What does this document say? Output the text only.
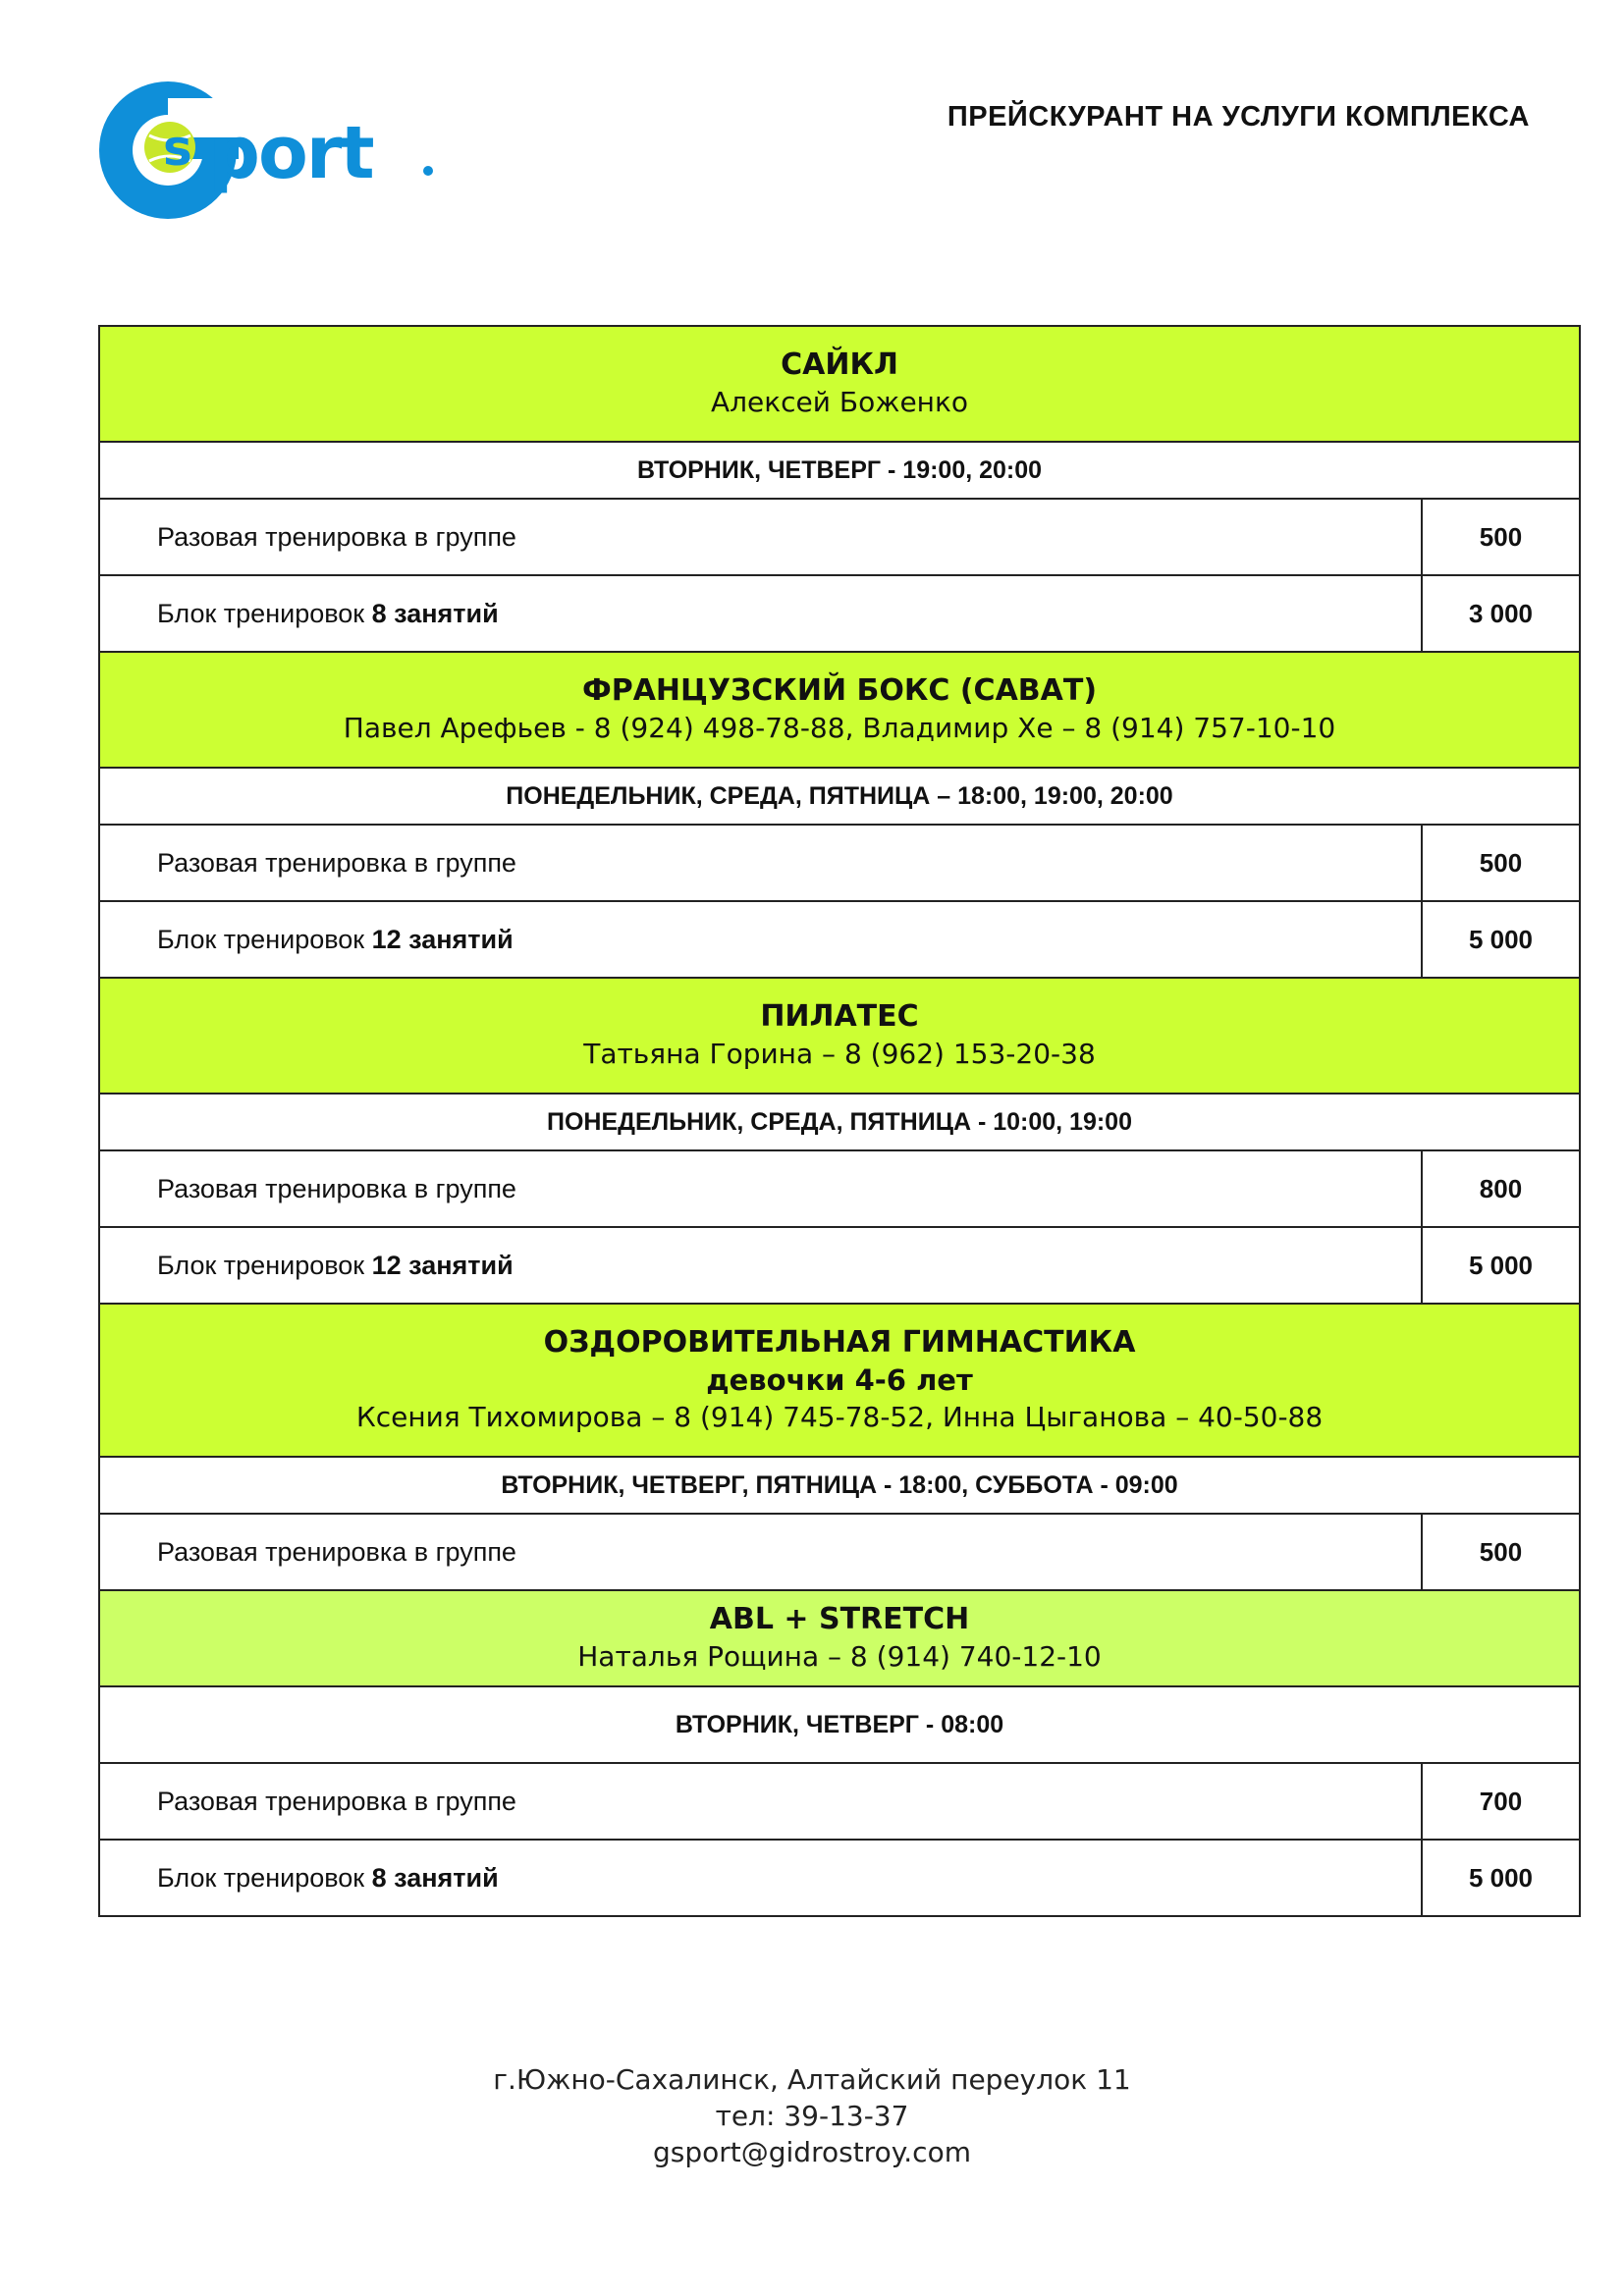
s port	ПРЕЙСКУРАНТ НА УСЛУГИ КОМПЛЕКСА
САЙКЛ
Алексей Боженко	

ВТОРНИК, ЧЕТВЕРГ - 19:00, 20:00	
Разовая тренировка в группе	500
Блок тренировок 8 занятий	3 000

ФРАНЦУЗСКИЙ БОКС (САВАТ)
Павел Арефьев - 8 (924) 498-78-88, Владимир Хе – 8 (914) 757-10-10	

ПОНЕДЕЛЬНИК, СРЕДА, ПЯТНИЦА – 18:00, 19:00, 20:00	
Разовая тренировка в группе	500
Блок тренировок 12 занятий	5 000

ПИЛАТЕС
Татьяна Горина – 8 (962) 153-20-38	

ПОНЕДЕЛЬНИК, СРЕДА, ПЯТНИЦА - 10:00, 19:00	
Разовая тренировка в группе	800
Блок тренировок 12 занятий	5 000

ОЗДОРОВИТЕЛЬНАЯ ГИМНАСТИКА
девочки 4-6 лет
Ксения Тихомирова – 8 (914) 745-78-52, Инна Цыганова – 40-50-88	

ВТОРНИК, ЧЕТВЕРГ, ПЯТНИЦА - 18:00, СУББОТА - 09:00	
Разовая тренировка в группе	500

ABL + STRETCH
Наталья Рощина – 8 (914) 740-12-10	

ВТОРНИК, ЧЕТВЕРГ - 08:00	
Разовая тренировка в группе	700
Блок тренировок 8 занятий	5 000
г.Южно-Сахалинск, Алтайский переулок 11
тел: 39-13-37
gsport@gidrostroy.com
